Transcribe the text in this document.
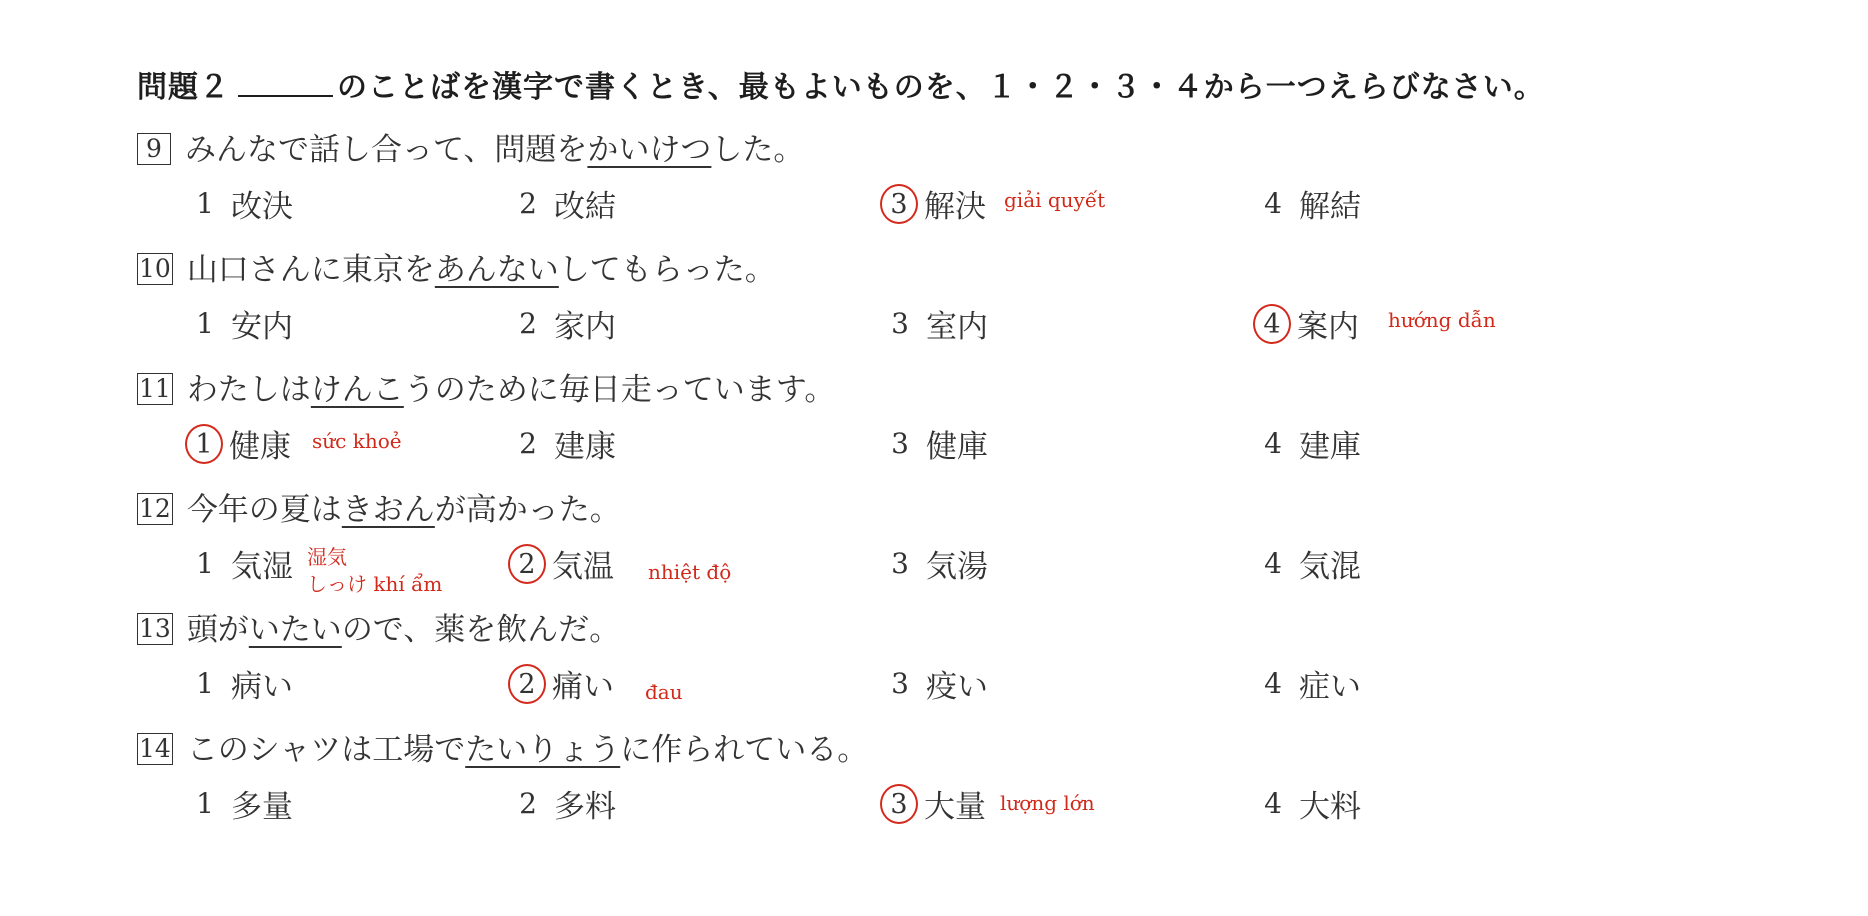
問題２	のことばを漢字で書くとき、最もよいものを、１・２・３・４から一つえらびなさい。
9 みんなで話し合って、問題をかいけつした。
1 改決	2 改結	3 解決	4 解結
giải quyết
10 山口さんに東京をあんないしてもらった。
1 安内	2 家内	3 室内	4 案内 hướng dẫn
11 わたしはけんこうのために毎日走っています。
1 健康	2 建康	3 健庫	4 建庫
sức khoẻ
12 今年の夏はきおんが高かった。
1 気湿	2 気温	3 気湯	4 気混
湿気
しっけ khí ẩm	nhiệt độ
13 頭がいたいので、薬を飲んだ。
1 病い	2 痛い	3 疫い	4 症い
đau
14 このシャツは工場でたいりょうに作られている。
1 多量	2 多料	3 大量	4 大料
lượng lớn
